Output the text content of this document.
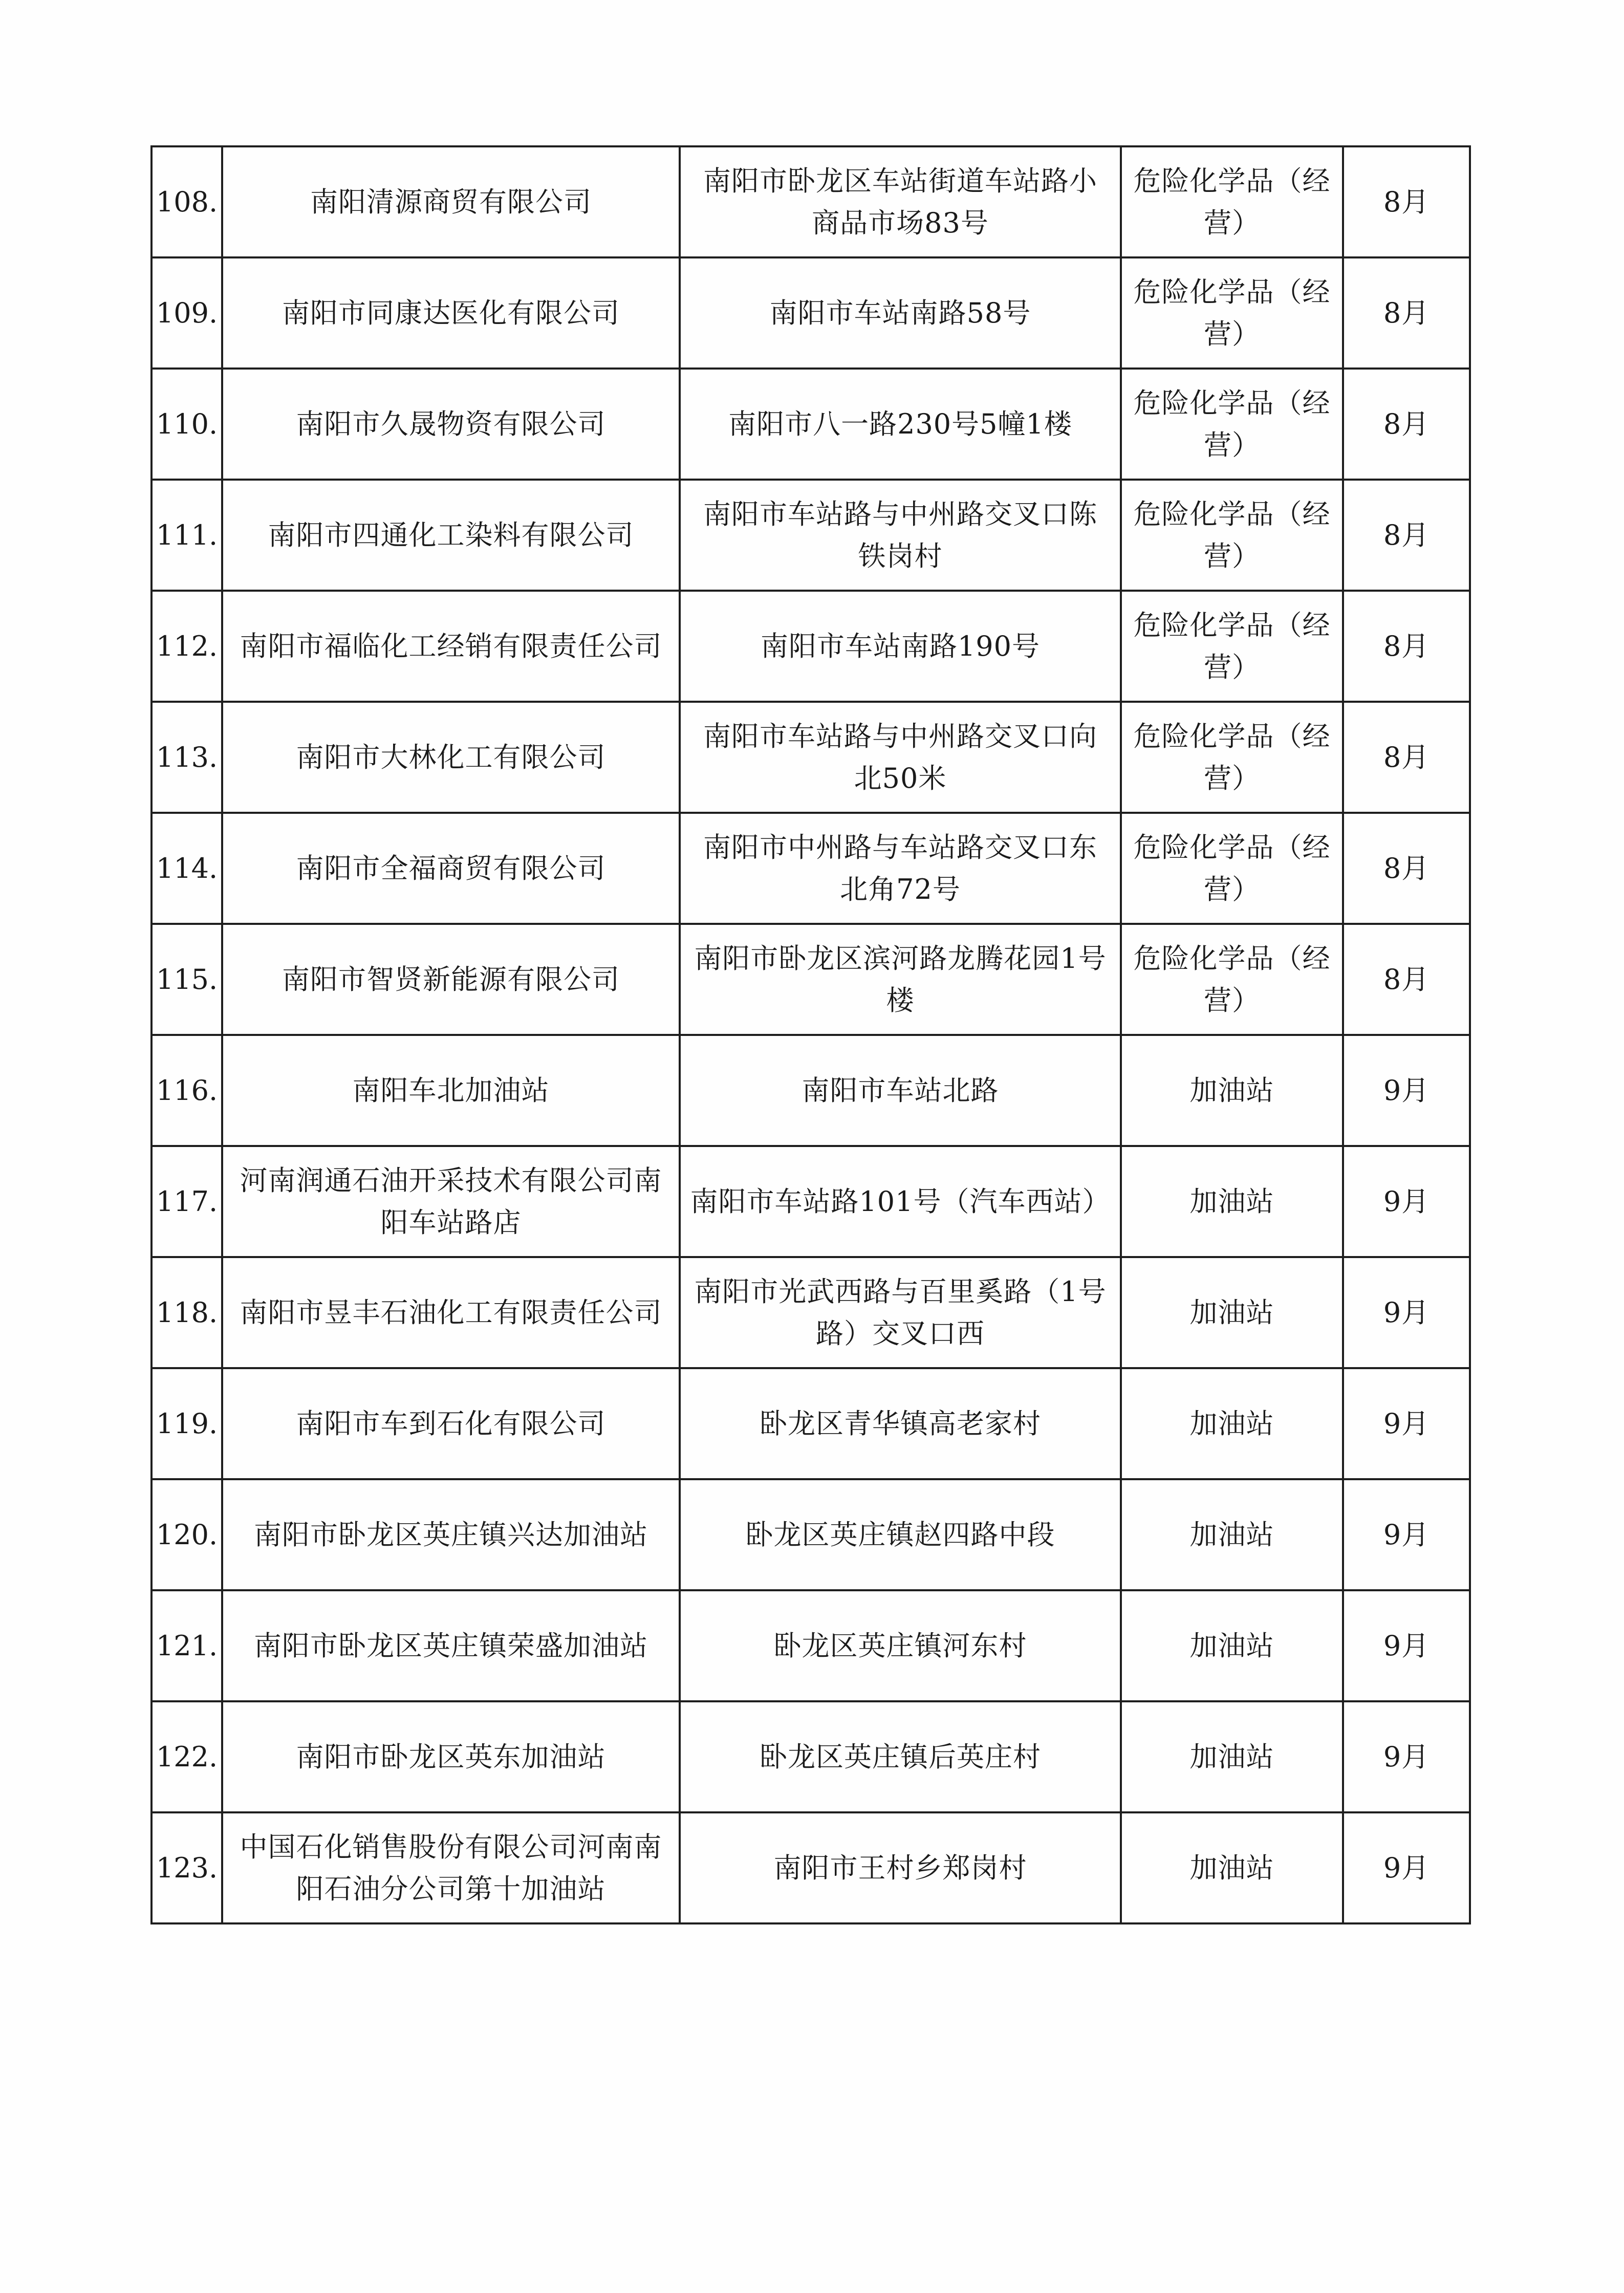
108.	南阳清源商贸有限公司	南阳市卧龙区车站街道车站路小商品市场83号	危险化学品（经营）	8月
109.	南阳市同康达医化有限公司	南阳市车站南路58号	危险化学品（经营）	8月
110.	南阳市久晟物资有限公司	南阳市八一路230号5幢1楼	危险化学品（经营）	8月
111.	南阳市四通化工染料有限公司	南阳市车站路与中州路交叉口陈铁岗村	危险化学品（经营）	8月
112.	南阳市福临化工经销有限责任公司	南阳市车站南路190号	危险化学品（经营）	8月
113.	南阳市大林化工有限公司	南阳市车站路与中州路交叉口向北50米	危险化学品（经营）	8月
114.	南阳市全福商贸有限公司	南阳市中州路与车站路交叉口东北角72号	危险化学品（经营）	8月
115.	南阳市智贤新能源有限公司	南阳市卧龙区滨河路龙腾花园1号楼	危险化学品（经营）	8月
116.	南阳车北加油站	南阳市车站北路	加油站	9月
117.	河南润通石油开采技术有限公司南阳车站路店	南阳市车站路101号（汽车西站）	加油站	9月
118.	南阳市昱丰石油化工有限责任公司	南阳市光武西路与百里奚路（1号路）交叉口西	加油站	9月
119.	南阳市车到石化有限公司	卧龙区青华镇高老家村	加油站	9月
120.	南阳市卧龙区英庄镇兴达加油站	卧龙区英庄镇赵四路中段	加油站	9月
121.	南阳市卧龙区英庄镇荣盛加油站	卧龙区英庄镇河东村	加油站	9月
122.	南阳市卧龙区英东加油站	卧龙区英庄镇后英庄村	加油站	9月
123.	中国石化销售股份有限公司河南南阳石油分公司第十加油站	南阳市王村乡郑岗村	加油站	9月
